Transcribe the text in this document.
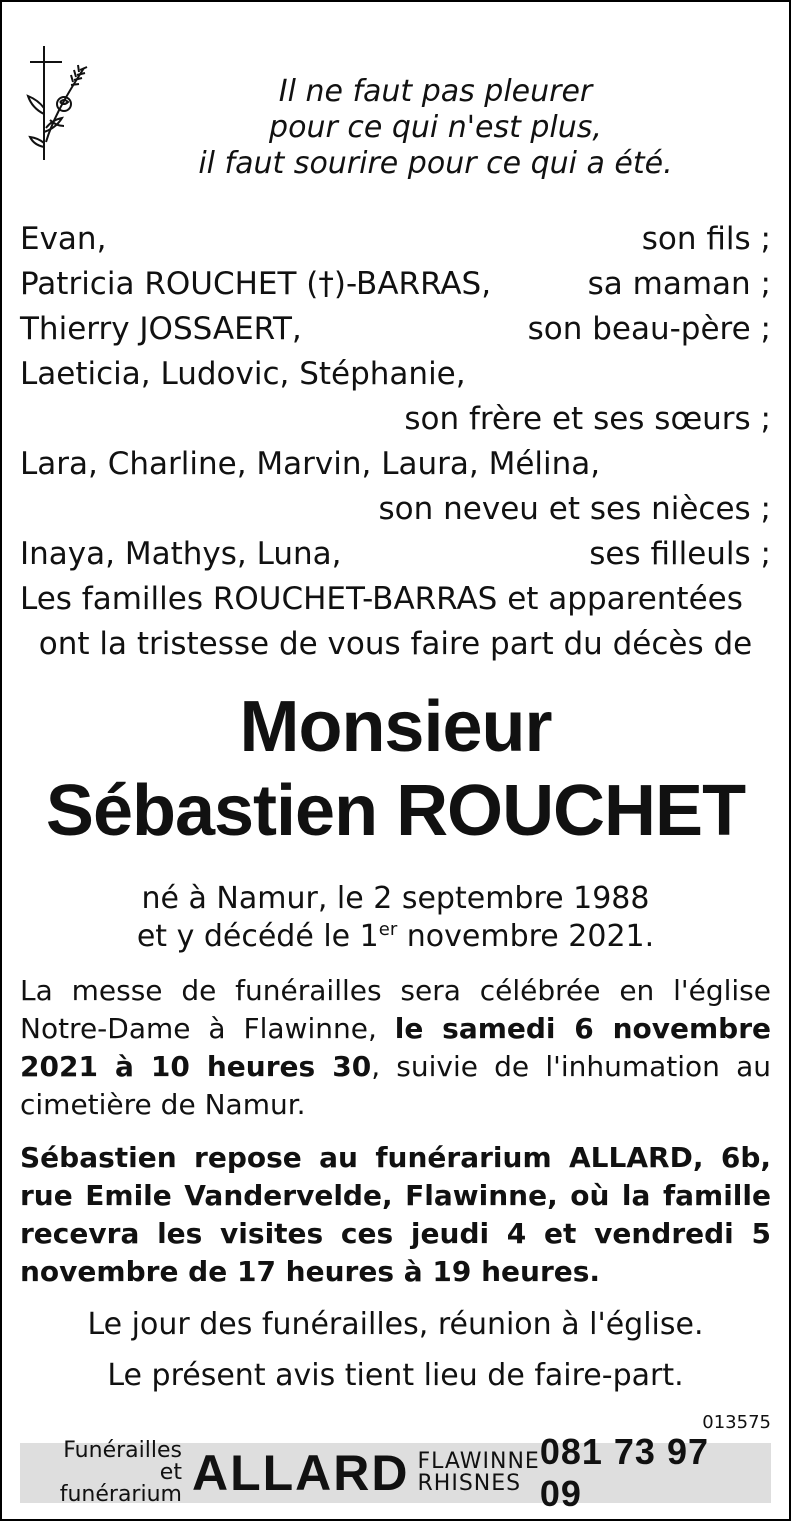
Il ne faut pas pleurer
pour ce qui n'est plus,
il faut sourire pour ce qui a été.
Evan,	son fils ;
Patricia ROUCHET (†)-BARRAS,	sa maman ;
Thierry JOSSAERT,	son beau-père ;
Laeticia, Ludovic, Stéphanie,
son frère et ses sœurs ;
Lara, Charline, Marvin, Laura, Mélina,
son neveu et ses nièces ;
Inaya, Mathys, Luna,	ses filleuls ;
Les familles ROUCHET-BARRAS et apparentées
ont la tristesse de vous faire part du décès de
Monsieur
Sébastien ROUCHET
né à Namur, le 2 septembre 1988
et y décédé le 1er novembre 2021.
La messe de funérailles sera célébrée en l'église Notre-Dame à Flawinne, le samedi 6 novembre 2021 à 10 heures 30, suivie de l'inhumation au cimetière de Namur.
Sébastien repose au funérarium ALLARD, 6b, rue Emile Vandervelde, Flawinne, où la famille recevra les visites ces jeudi 4 et vendredi 5 novembre de 17 heures à 19 heures.
Le jour des funérailles, réunion à l'église.
Le présent avis tient lieu de faire-part.
013575
Funérailles
et funérarium ALLARD FLAWINNE
RHISNES
081 73 97 09
